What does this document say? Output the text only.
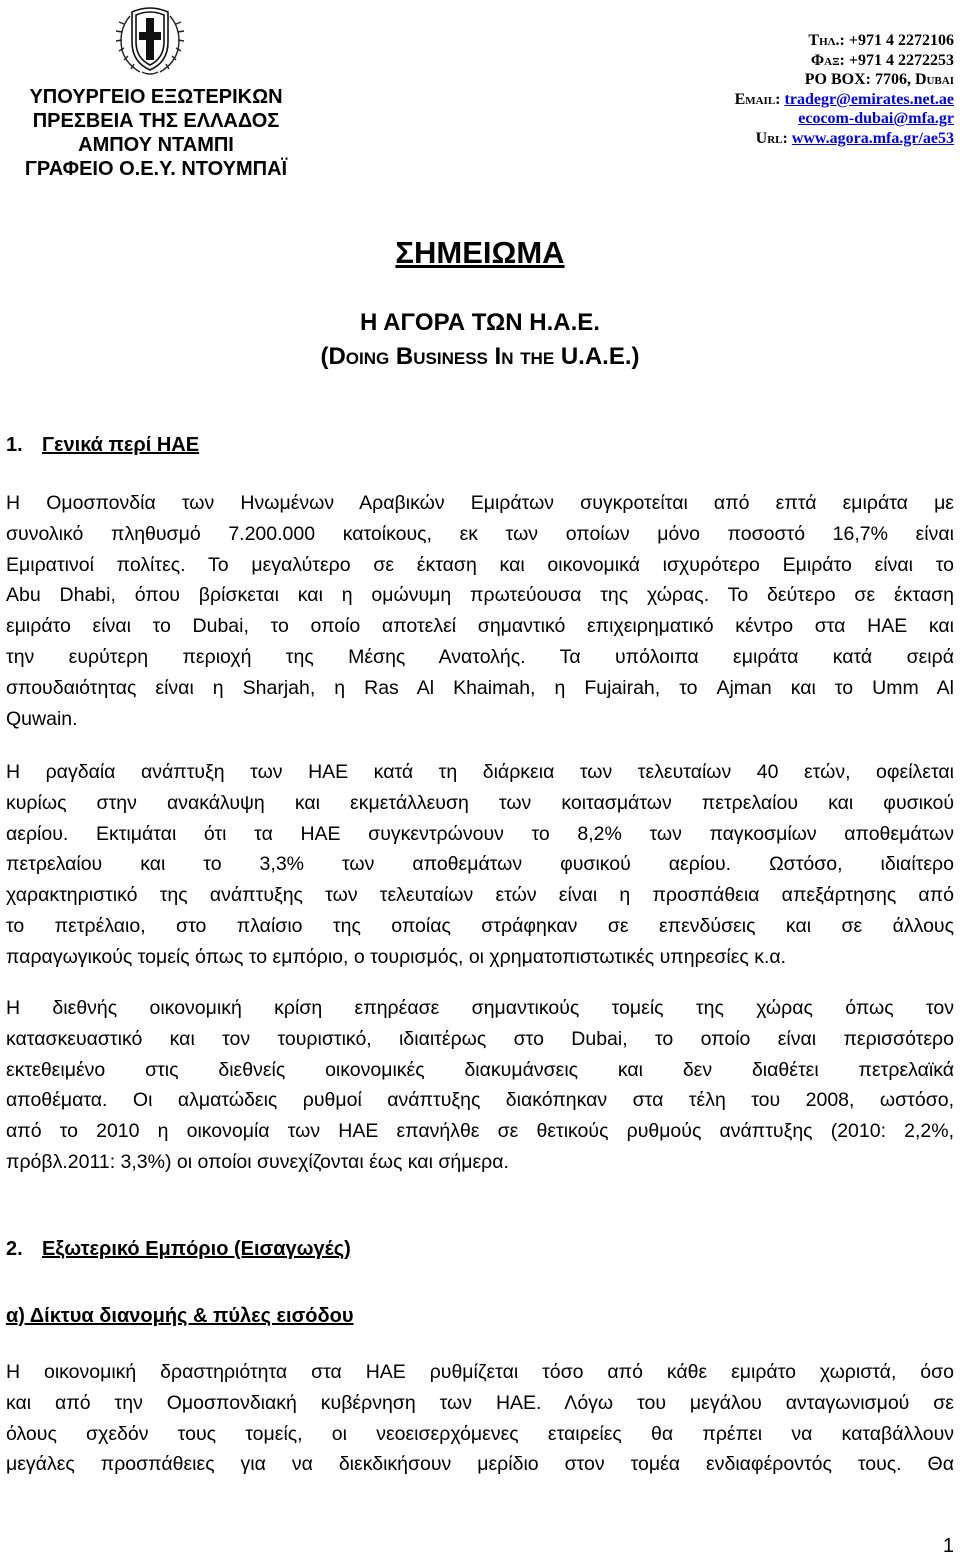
ΥΠΟΥΡΓΕΙΟ ΕΞΩΤΕΡΙΚΩΝ
ΠΡΕΣΒΕΙΑ ΤΗΣ ΕΛΛΑΔΟΣ
ΑΜΠΟΥ ΝΤΑΜΠΙ
ΓΡΑΦΕΙΟ Ο.Ε.Υ. ΝΤΟΥΜΠΑΪ
Τηλ.: +971 4 2272106
Φαξ: +971 4 2272253
PO BOX: 7706, Dubai
Email: tradegr@emirates.net.ae
ecocom-dubai@mfa.gr
Url: www.agora.mfa.gr/ae53
ΣΗΜΕΙΩΜΑ
Η ΑΓΟΡΑ ΤΩΝ Η.Α.Ε.
(Doing Business In the U.A.E.)
1. Γενικά περί ΗΑΕ
Η Ομοσπονδία των Ηνωμένων Αραβικών Εμιράτων συγκροτείται από επτά εμιράτα με
συνολικό πληθυσμό 7.200.000 κατοίκους, εκ των οποίων μόνο ποσοστό 16,7% είναι
Εμιρατινοί πολίτες. Το μεγαλύτερο σε έκταση και οικονομικά ισχυρότερο Εμιράτο είναι το
Abu Dhabi, όπου βρίσκεται και η ομώνυμη πρωτεύουσα της χώρας. Το δεύτερο σε έκταση
εμιράτο είναι το Dubai, το οποίο αποτελεί σημαντικό επιχειρηματικό κέντρο στα ΗΑΕ και
την ευρύτερη περιοχή της Μέσης Ανατολής. Τα υπόλοιπα εμιράτα κατά σειρά
σπουδαιότητας είναι η Sharjah, η Ras Al Khaimah, η Fujairah, το Ajman και το Umm Al
Quwain.
Η ραγδαία ανάπτυξη των ΗΑΕ κατά τη διάρκεια των τελευταίων 40 ετών, οφείλεται
κυρίως στην ανακάλυψη και εκμετάλλευση των κοιτασμάτων πετρελαίου και φυσικού
αερίου. Εκτιμάται ότι τα ΗΑΕ συγκεντρώνουν το 8,2% των παγκοσμίων αποθεμάτων
πετρελαίου και το 3,3% των αποθεμάτων φυσικού αερίου. Ωστόσο, ιδιαίτερο
χαρακτηριστικό της ανάπτυξης των τελευταίων ετών είναι η προσπάθεια απεξάρτησης από
το πετρέλαιο, στο πλαίσιο της οποίας στράφηκαν σε επενδύσεις και σε άλλους
παραγωγικούς τομείς όπως το εμπόριο, ο τουρισμός, οι χρηματοπιστωτικές υπηρεσίες κ.α.
Η διεθνής οικονομική κρίση επηρέασε σημαντικούς τομείς της χώρας όπως τον
κατασκευαστικό και τον τουριστικό, ιδιαιτέρως στο Dubai, το οποίο είναι περισσότερο
εκτεθειμένο στις διεθνείς οικονομικές διακυμάνσεις και δεν διαθέτει πετρελαϊκά
αποθέματα. Οι αλματώδεις ρυθμοί ανάπτυξης διακόπηκαν στα τέλη του 2008, ωστόσο,
από το 2010 η οικονομία των ΗΑΕ επανήλθε σε θετικούς ρυθμούς ανάπτυξης (2010: 2,2%,
πρόβλ.2011: 3,3%) οι οποίοι συνεχίζονται έως και σήμερα.
2. Εξωτερικό Εμπόριο (Εισαγωγές)
α) Δίκτυα διανομής & πύλες εισόδου
Η οικονομική δραστηριότητα στα ΗΑΕ ρυθμίζεται τόσο από κάθε εμιράτο χωριστά, όσο
και από την Ομοσπονδιακή κυβέρνηση των ΗΑΕ. Λόγω του μεγάλου ανταγωνισμού σε
όλους σχεδόν τους τομείς, οι νεοεισερχόμενες εταιρείες θα πρέπει να καταβάλλουν
μεγάλες προσπάθειες για να διεκδικήσουν μερίδιο στον τομέα ενδιαφέροντός τους. Θα
1
